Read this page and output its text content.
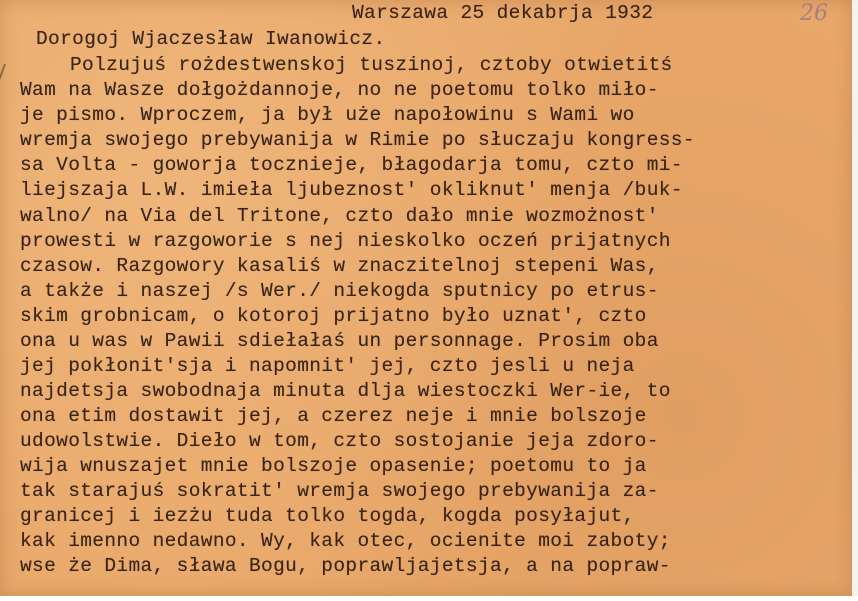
26
Warszawa 25 dekabrja 1932
Dorogoj Wjaczesław Iwanowicz.
Polzujuś rożdestwenskoj tuszinoj, cztoby otwietitś
Wam na Wasze dołgożdannoje, no ne poetomu tolko miło-
je pismo. Wproczem, ja był uże napołowinu s Wami wo
wremja swojego prebywanija w Rimie po słuczaju kongress-
sa Volta - goworja toczniejе, błagodarja tomu, czto mi-
liejszaja L.W. imieła ljubeznost' okliknut' menja /buk-
walno/ na Via del Tritone, czto dało mnie wozmożnost'
prowesti w razgoworie s nej nieskolko oczeń prijatnych
czasow. Razgowory kasaliś w znaczitelnoj stepeni Was,
a także i naszej /s Wer./ niekogda sputnicy po etrus-
skim grobnicam, o kotoroj prijatno było uznat', czto
ona u was w Pawii sdiełałaś un personnage. Prosim oba
jej pokłonit'sja i napomnit' jej, czto jesli u neja
najdetsja swobodnaja minuta dlja wiestoczki Wer-ie, to
ona etim dostawit jej, a czerez neje i mnie bolszoje
udowolstwie. Dieło w tom, czto sostojanie jeja zdoro-
wija wnuszajet mnie bolszoje opasenie; poetomu to ja
tak starajuś sokratit' wremja swojego prebywanija za-
granicej i iezżu tuda tolko togda, kogda posyłajut,
kak imenno nedawno. Wy, kak otec, ocienite moi zaboty;
wse że Dima, sława Bogu, poprawljajetsja, a na popraw-
